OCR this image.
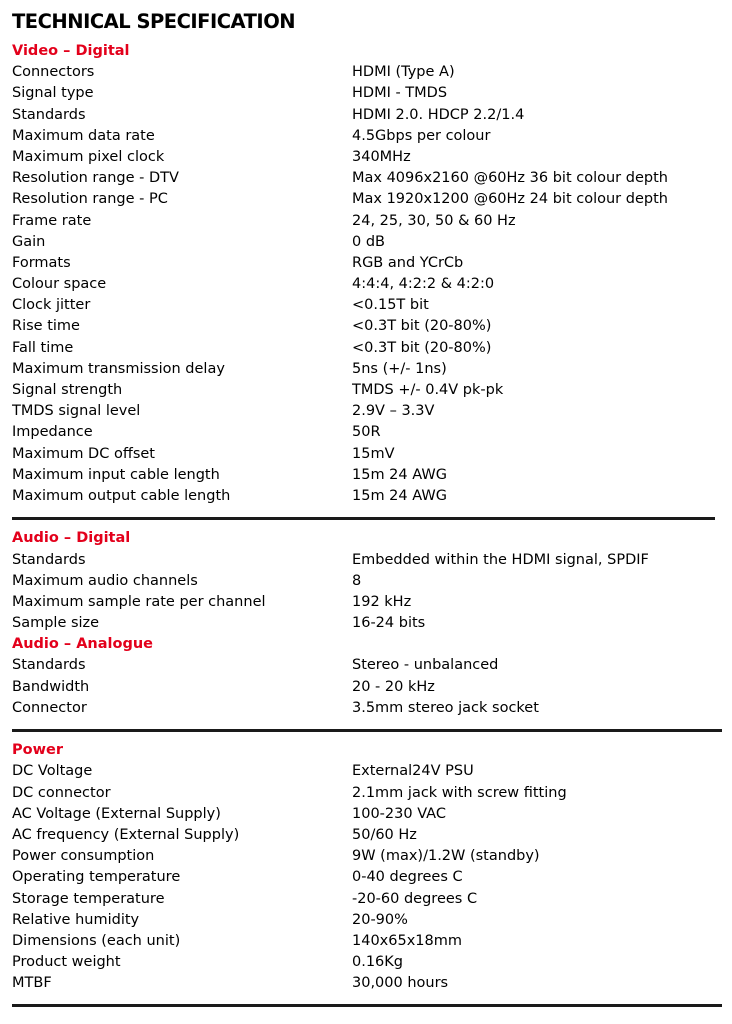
TECHNICAL SPECIFICATION
Video – Digital
Connectors	HDMI (Type A)
Signal type	HDMI - TMDS
Standards	HDMI 2.0. HDCP 2.2/1.4
Maximum data rate	4.5Gbps per colour
Maximum pixel clock	340MHz
Resolution range - DTV	Max 4096x2160 @60Hz 36 bit colour depth
Resolution range - PC	Max 1920x1200 @60Hz 24 bit colour depth
Frame rate	24, 25, 30, 50 & 60 Hz
Gain	0 dB
Formats	RGB and YCrCb
Colour space	4:4:4, 4:2:2 & 4:2:0
Clock jitter	<0.15T bit
Rise time	<0.3T bit (20-80%)
Fall time	<0.3T bit (20-80%)
Maximum transmission delay	5ns (+/- 1ns)
Signal strength	TMDS +/- 0.4V pk-pk
TMDS signal level	2.9V – 3.3V
Impedance	50R
Maximum DC offset	15mV
Maximum input cable length	15m 24 AWG
Maximum output cable length	15m 24 AWG
Audio – Digital
Standards	Embedded within the HDMI signal, SPDIF
Maximum audio channels	8
Maximum sample rate per channel	192 kHz
Sample size	16-24 bits
Audio – Analogue
Standards	Stereo - unbalanced
Bandwidth	20 - 20 kHz
Connector	3.5mm stereo jack socket
Power
DC Voltage	External24V PSU
DC connector	2.1mm jack with screw fitting
AC Voltage (External Supply)	100-230 VAC
AC frequency (External Supply)	50/60 Hz
Power consumption	9W (max)/1.2W (standby)
Operating temperature	0-40 degrees C
Storage temperature	-20-60 degrees C
Relative humidity	20-90%
Dimensions (each unit)	140x65x18mm
Product weight	0.16Kg
MTBF	30,000 hours
